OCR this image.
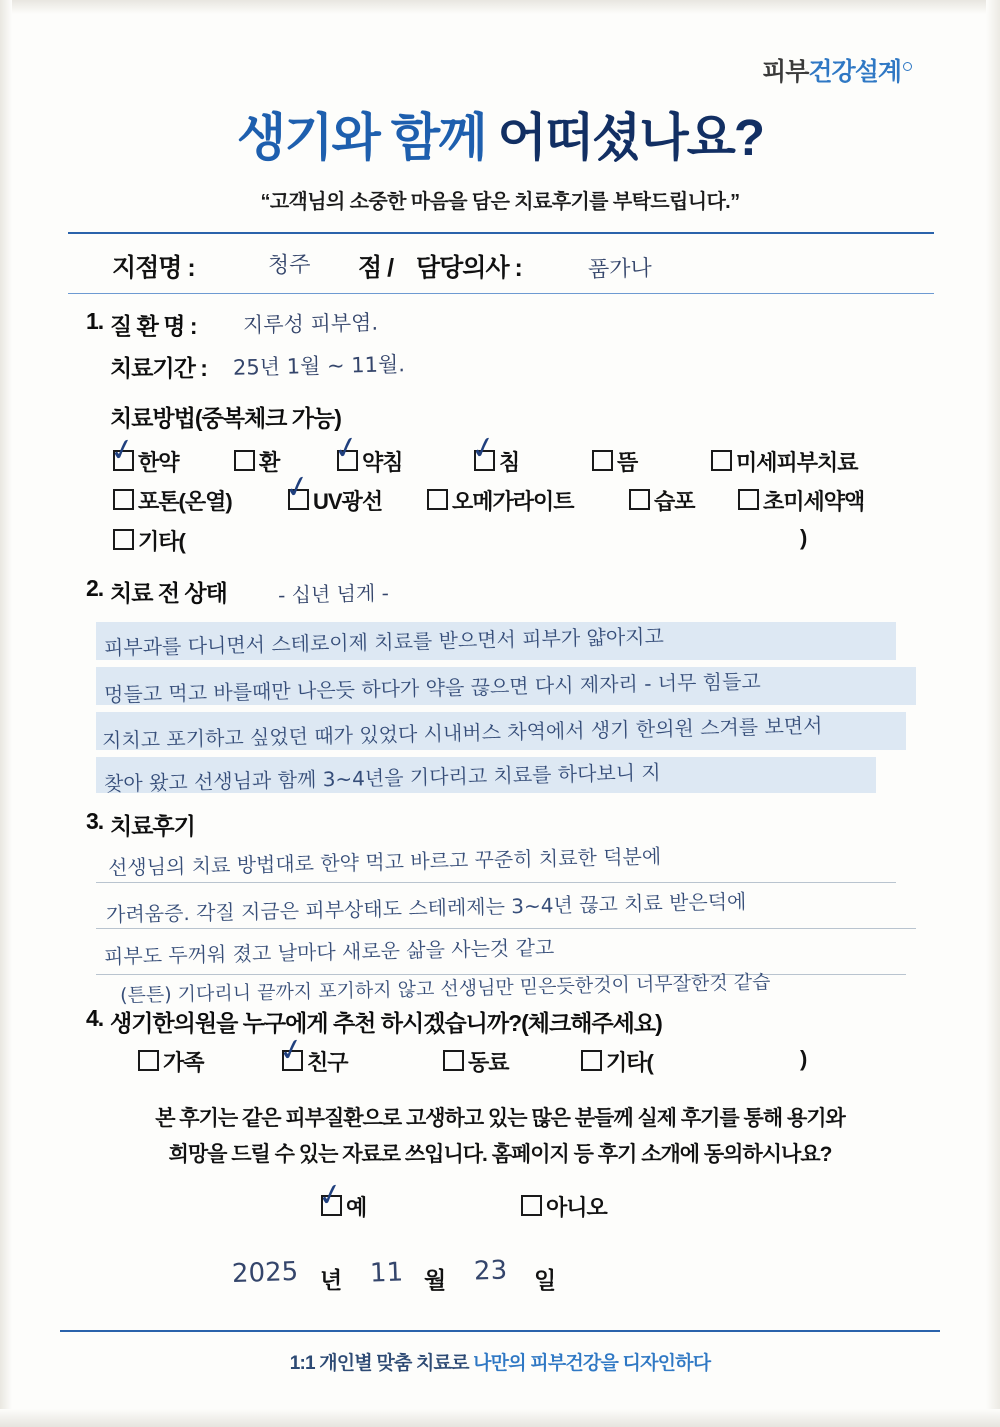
피부건강설계
생기와 함께 어떠셨나요?
“고객님의 소중한 마음을 담은 치료후기를 부탁드립니다.”
지점명 :	청주 점 / 담당의사 :	품가나
1. 질 환 명 : 지루성 피부염.
치료기간 : 25년 1월 ~ 11월.
치료방법(중복체크 가능)
✓ 한약	환 ✓ 약침 ✓ 침	뜸	미세피부치료
포톤(온열) ✓ UV광선	오메가라이트	습포	초미세약액
기타(	)
2. 치료 전 상태	- 십년 넘게 -
피부과를 다니면서 스테로이제 치료를 받으면서 피부가 얇아지고
멍들고 먹고 바를때만 나은듯 하다가 약을 끊으면 다시 제자리 - 너무 힘들고
지치고 포기하고 싶었던 때가 있었다 시내버스 차역에서 생기 한의원 스겨를 보면서
찾아 왔고 선생님과 함께 3~4년을 기다리고 치료를 하다보니 지
3. 치료후기
선생님의 치료 방법대로 한약 먹고 바르고 꾸준히 치료한 덕분에
가려움증. 각질 지금은 피부상태도 스테레제는 3~4년 끊고 치료 받은덕에
피부도 두꺼워 졌고 날마다 새로운 삶을 사는것 같고
(튼튼) 기다리니 끝까지 포기하지 않고 선생님만 믿은듯한것이 너무잘한것 같습
4. 생기한의원을 누구에게 추천 하시겠습니까?(체크해주세요)
가족 ✓ 친구	동료	기타(	)
본 후기는 같은 피부질환으로 고생하고 있는 많은 분들께 실제 후기를 통해 용기와
희망을 드릴 수 있는 자료로 쓰입니다. 홈페이지 등 후기 소개에 동의하시나요?
✓ 예	아니오
2025 년 11 월 23 일
1:1 개인별 맞춤 치료로 나만의 피부건강을 디자인하다
